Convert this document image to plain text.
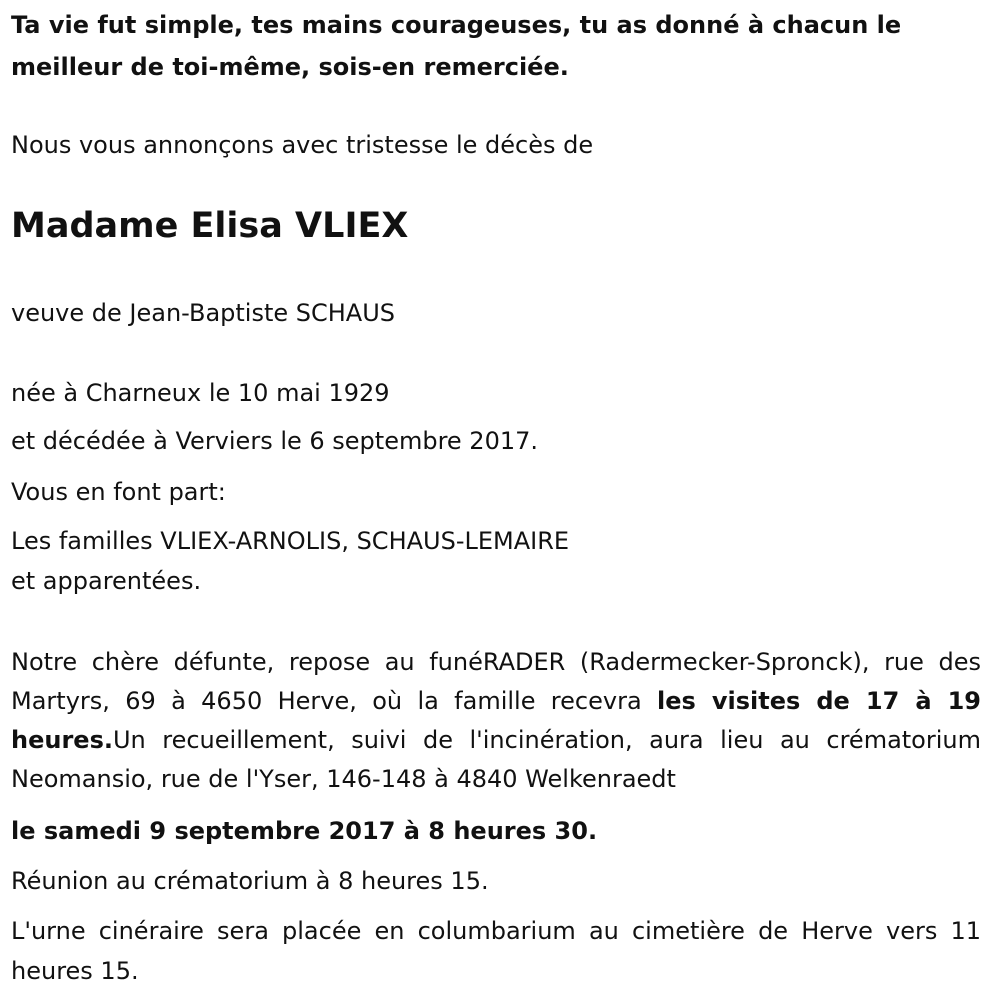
Ta vie fut simple, tes mains courageuses, tu as donné à chacun le
meilleur de toi-même, sois-en remerciée.
Nous vous annonçons avec tristesse le décès de
Madame Elisa VLIEX
veuve de Jean-Baptiste SCHAUS
née à Charneux le 10 mai 1929
et décédée à Verviers le 6 septembre 2017.
Vous en font part:
Les familles VLIEX-ARNOLIS, SCHAUS-LEMAIRE
et apparentées.
Notre chère défunte, repose au funéRADER (Radermecker-Spronck), rue des Martyrs, 69 à 4650 Herve, où la famille recevra les visites de 17 à 19 heures.Un recueillement, suivi de l'incinération, aura lieu au crématorium Neomansio, rue de l'Yser, 146-148 à 4840 Welkenraedt
le samedi 9 septembre 2017 à 8 heures 30.
Réunion au crématorium à 8 heures 15.
L'urne cinéraire sera placée en columbarium au cimetière de Herve vers 11 heures 15.
